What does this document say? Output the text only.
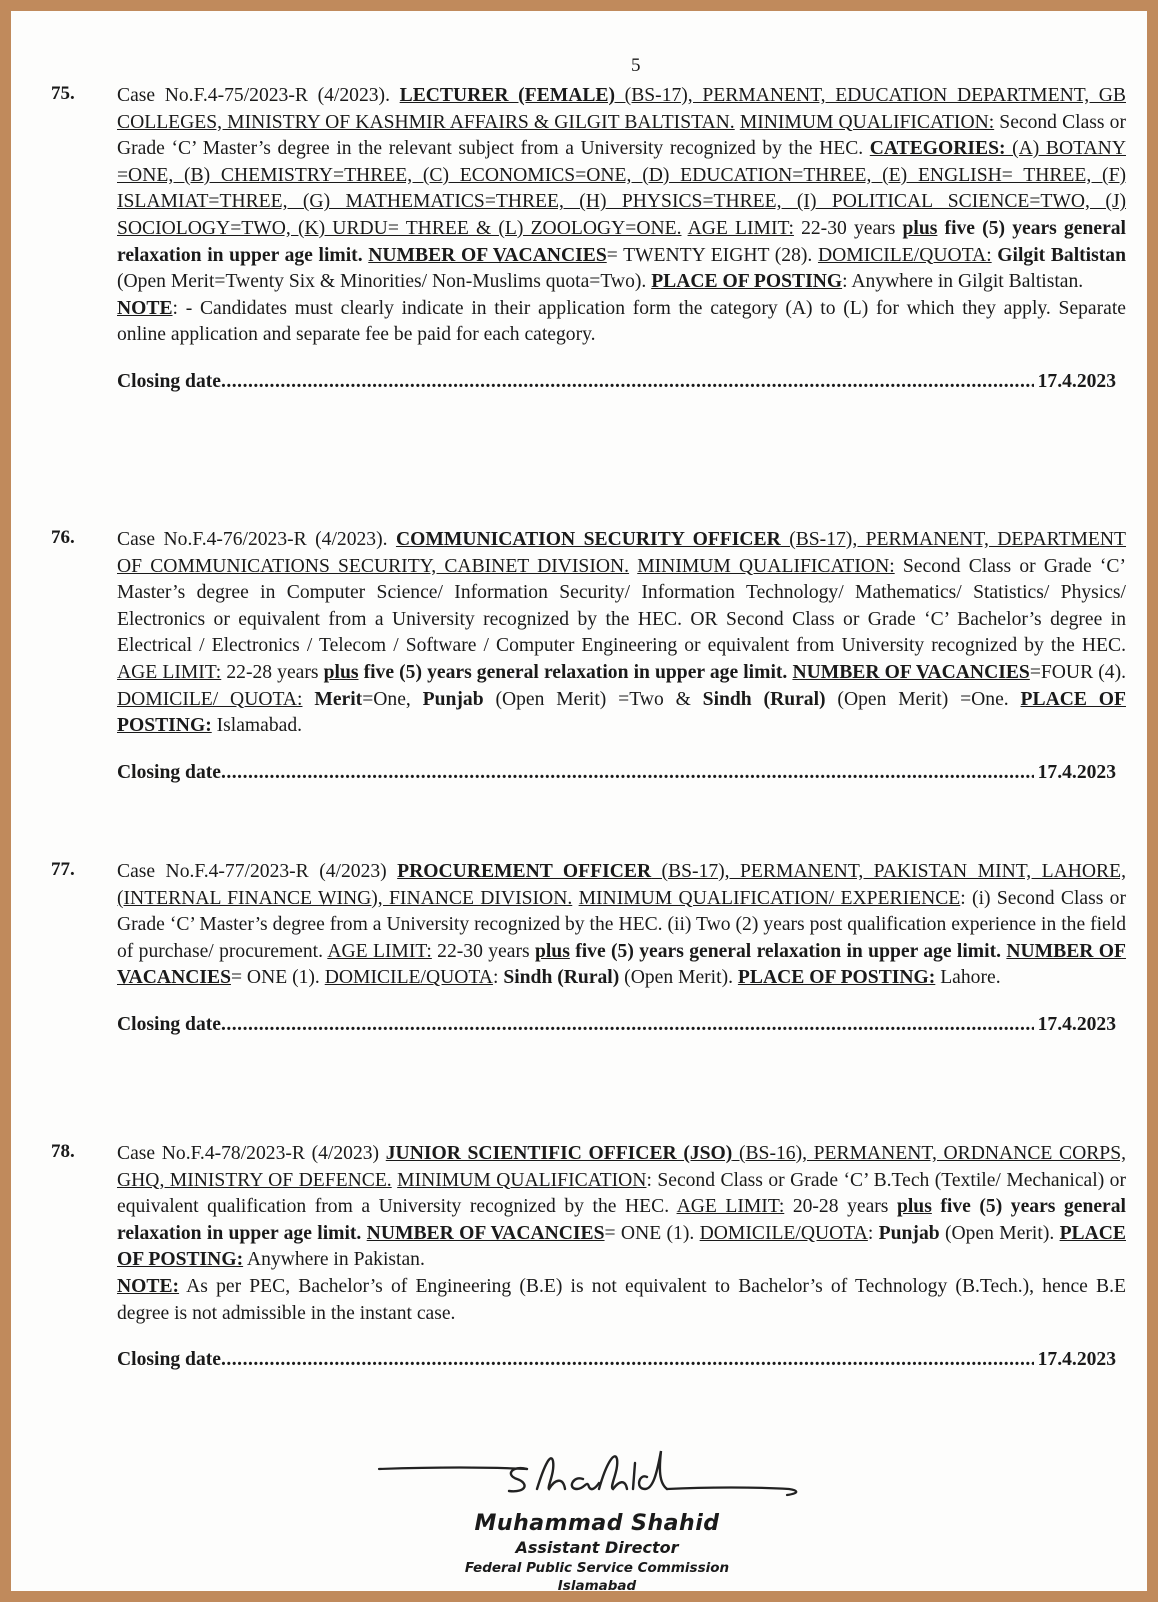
5
75. Case No.F.4-75/2023-R (4/2023). LECTURER (FEMALE) (BS-17), PERMANENT, EDUCATION DEPARTMENT, GB COLLEGES, MINISTRY OF KASHMIR AFFAIRS & GILGIT BALTISTAN. MINIMUM QUALIFICATION: Second Class or Grade ‘C’ Master’s degree in the relevant subject from a University recognized by the HEC. CATEGORIES: (A) BOTANY =ONE, (B) CHEMISTRY=THREE, (C) ECONOMICS=ONE, (D) EDUCATION=THREE, (E) ENGLISH= THREE, (F) ISLAMIAT=THREE, (G) MATHEMATICS=THREE, (H) PHYSICS=THREE, (I) POLITICAL SCIENCE=TWO, (J) SOCIOLOGY=TWO, (K) URDU= THREE & (L) ZOOLOGY=ONE. AGE LIMIT: 22-30 years plus five (5) years general relaxation in upper age limit. NUMBER OF VACANCIES= TWENTY EIGHT (28). DOMICILE/QUOTA: Gilgit Baltistan (Open Merit=Twenty Six & Minorities/ Non-Muslims quota=Two). PLACE OF POSTING: Anywhere in Gilgit Baltistan.
NOTE: - Candidates must clearly indicate in their application form the category (A) to (L) for which they apply. Separate online application and separate fee be paid for each category.
Closing date .....	17.4.2023
76. Case No.F.4-76/2023-R (4/2023). COMMUNICATION SECURITY OFFICER (BS-17), PERMANENT, DEPARTMENT OF COMMUNICATIONS SECURITY, CABINET DIVISION. MINIMUM QUALIFICATION: Second Class or Grade ‘C’ Master’s degree in Computer Science/ Information Security/ Information Technology/ Mathematics/ Statistics/ Physics/ Electronics or equivalent from a University recognized by the HEC. OR Second Class or Grade ‘C’ Bachelor’s degree in Electrical / Electronics / Telecom / Software / Computer Engineering or equivalent from University recognized by the HEC. AGE LIMIT: 22-28 years plus five (5) years general relaxation in upper age limit. NUMBER OF VACANCIES=FOUR (4). DOMICILE/ QUOTA: Merit=One, Punjab (Open Merit) =Two & Sindh (Rural) (Open Merit) =One. PLACE OF POSTING: Islamabad.
Closing date .....	17.4.2023
77. Case No.F.4-77/2023-R (4/2023) PROCUREMENT OFFICER (BS-17), PERMANENT, PAKISTAN MINT, LAHORE, (INTERNAL FINANCE WING), FINANCE DIVISION. MINIMUM QUALIFICATION/ EXPERIENCE: (i) Second Class or Grade ‘C’ Master’s degree from a University recognized by the HEC. (ii) Two (2) years post qualification experience in the field of purchase/ procurement. AGE LIMIT: 22-30 years plus five (5) years general relaxation in upper age limit. NUMBER OF VACANCIES= ONE (1). DOMICILE/QUOTA: Sindh (Rural) (Open Merit). PLACE OF POSTING: Lahore.
Closing date .....	17.4.2023
78. Case No.F.4-78/2023-R (4/2023) JUNIOR SCIENTIFIC OFFICER (JSO) (BS-16), PERMANENT, ORDNANCE CORPS, GHQ, MINISTRY OF DEFENCE. MINIMUM QUALIFICATION: Second Class or Grade ‘C’ B.Tech (Textile/ Mechanical) or equivalent qualification from a University recognized by the HEC. AGE LIMIT: 20-28 years plus five (5) years general relaxation in upper age limit. NUMBER OF VACANCIES= ONE (1). DOMICILE/QUOTA: Punjab (Open Merit). PLACE OF POSTING: Anywhere in Pakistan.
NOTE: As per PEC, Bachelor’s of Engineering (B.E) is not equivalent to Bachelor’s of Technology (B.Tech.), hence B.E degree is not admissible in the instant case.
Closing date .....	17.4.2023
Muhammad Shahid
Assistant Director
Federal Public Service Commission
Islamabad
